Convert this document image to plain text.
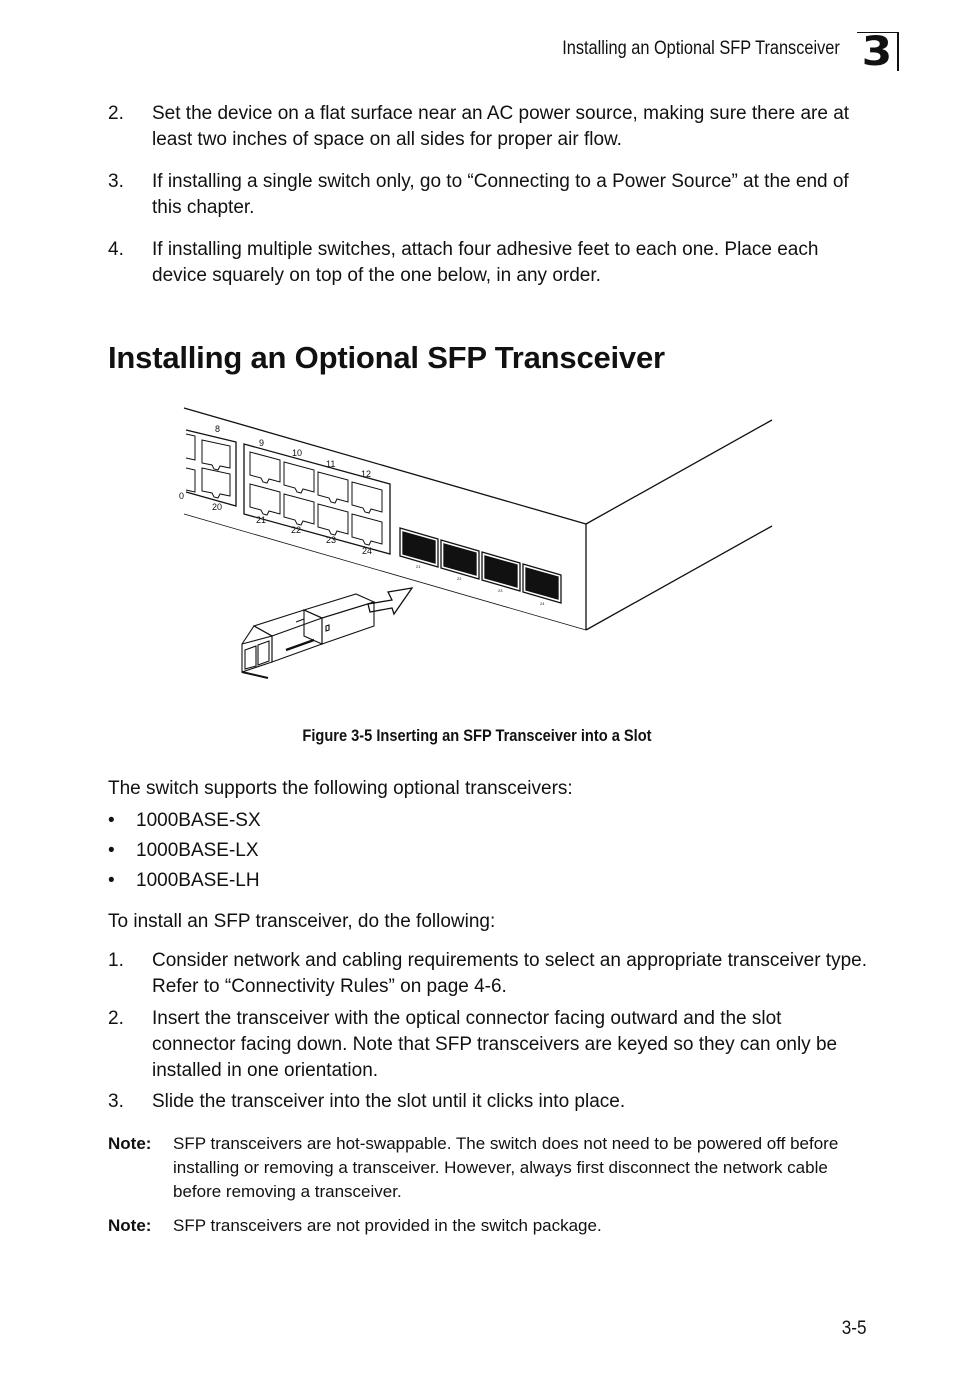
Installing an Optional SFP Transceiver 3
2.	Set the device on a flat surface near an AC power source, making sure there are at least two inches of space on all sides for proper air flow.
3.	If installing a single switch only, go to “Connecting to a Power Source” at the end of this chapter.
4.	If installing multiple switches, attach four adhesive feet to each one. Place each device squarely on top of the one below, in any order.
Installing an Optional SFP Transceiver
8
9
10
11
12
20
21
22
23
24
0
21
22
23
24
Figure 3-5 Inserting an SFP Transceiver into a Slot
The switch supports the following optional transceivers:
• 1000BASE-SX
• 1000BASE-LX
• 1000BASE-LH
To install an SFP transceiver, do the following:
1.	Consider network and cabling requirements to select an appropriate transceiver type. Refer to “Connectivity Rules” on page 4-6.
2.	Insert the transceiver with the optical connector facing outward and the slot connector facing down. Note that SFP transceivers are keyed so they can only be installed in one orientation.
3.	Slide the transceiver into the slot until it clicks into place.
Note: SFP transceivers are hot-swappable. The switch does not need to be powered off before installing or removing a transceiver. However, always first disconnect the network cable before removing a transceiver.
Note: SFP transceivers are not provided in the switch package.
3-5
